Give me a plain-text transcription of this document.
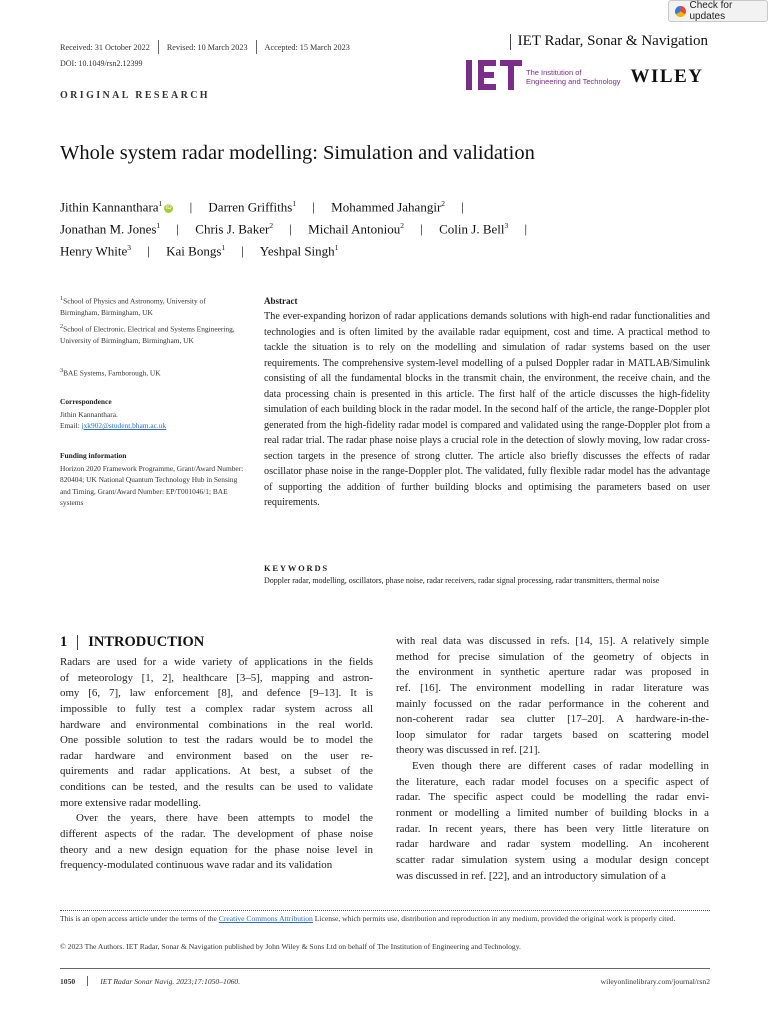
Check for updates
Received: 31 October 2022 Revised: 10 March 2023 Accepted: 15 March 2023	IET Radar, Sonar & Navigation
DOI: 10.1049/rsn2.12399
The Institution of
Engineering and Technology WILEY
ORIGINAL RESEARCH
Whole system radar modelling: Simulation and validation
Jithin Kannanthara$^1$iD | Darren Griffiths$^1$ | Mohammed Jahangir$^2$ |
Jonathan M. Jones$^1$ | Chris J. Baker$^2$ | Michail Antoniou$^2$ | Colin J. Bell$^3$ |
Henry White$^3$ | Kai Bongs$^1$ | Yeshpal Singh$^1$
$^1$School of Physics and Astronomy, University of Birmingham, Birmingham, UK
$^2$School of Electronic, Electrical and Systems Engineering, University of Birmingham, Birmingham, UK
$^3$BAE Systems, Farnborough, UK
Correspondence
Jithin Kannanthara.
Email: jxk902@student.bham.ac.uk
Funding information
Horizon 2020 Framework Programme, Grant/Award Number: 820404; UK National Quantum Technology Hub in Sensing and Timing, Grant/Award Number: EP/T001046/1; BAE systems
Abstract

The ever-expanding horizon of radar applications demands solutions with high-end radar functionalities and technologies and is often limited by the available radar equipment, cost and time. A practical method to tackle the situation is to rely on the modelling and simulation of radar systems based on the user requirements. The comprehensive system-level modelling of a pulsed Doppler radar in MATLAB/Simulink consisting of all the fundamental blocks in the transmit chain, the environment, the receive chain, and the data processing chain is presented in this article. The first half of the article discusses the high-fidelity simulation of each building block in the radar model. In the second half of the article, the range-Doppler plot generated from the high-fidelity radar model is compared and validated using the range-Doppler plot from a real radar trial. The radar phase noise plays a crucial role in the detection of slowly moving, low radar cross-section targets in the presence of strong clutter. The article also briefly discusses the effects of radar oscillator phase noise in the range-Doppler plot. The validated, fully flexible radar model has the advantage of supporting the addition of further building blocks and optimising the parameters based on user requirements.

KEYWORDS
Doppler radar, modelling, oscillators, phase noise, radar receivers, radar signal processing, radar transmitters, thermal noise
1 INTRODUCTION
Radars are used for a wide variety of applications in the fields
of meteorology [1, 2], healthcare [3–5], mapping and astron-
omy [6, 7], law enforcement [8], and defence [9–13]. It is
impossible to fully test a complex radar system across all
hardware and environmental combinations in the real world.
One possible solution to test the radars would be to model the
radar hardware and environment based on the user re-
quirements and radar applications. At best, a subset of the
conditions can be tested, and the results can be used to validate
more extensive radar modelling.
Over the years, there have been attempts to model the
different aspects of the radar. The development of phase noise
theory and a new design equation for the phase noise level in
frequency-modulated continuous wave radar and its validation
with real data was discussed in refs. [14, 15]. A relatively simple
method for precise simulation of the geometry of objects in
the environment in synthetic aperture radar was proposed in
ref. [16]. The environment modelling in radar literature was
mainly focussed on the radar performance in the coherent and
non-coherent radar sea clutter [17–20]. A hardware-in-the-
loop simulator for radar targets based on scattering model
theory was discussed in ref. [21].
Even though there are different cases of radar modelling in
the literature, each radar model focuses on a specific aspect of
radar. The specific aspect could be modelling the radar envi-
ronment or modelling a limited number of building blocks in a
radar. In recent years, there has been very little literature on
radar hardware and radar system modelling. An incoherent
scatter radar simulation system using a modular design concept
was discussed in ref. [22], and an introductory simulation of a
This is an open access article under the terms of the Creative Commons Attribution License, which permits use, distribution and reproduction in any medium, provided the original work is properly cited.
© 2023 The Authors. IET Radar, Sonar & Navigation published by John Wiley & Sons Ltd on behalf of The Institution of Engineering and Technology.
1050	IET Radar Sonar Navig. 2023;17:1050–1060.	wileyonlinelibrary.com/journal/rsn2
